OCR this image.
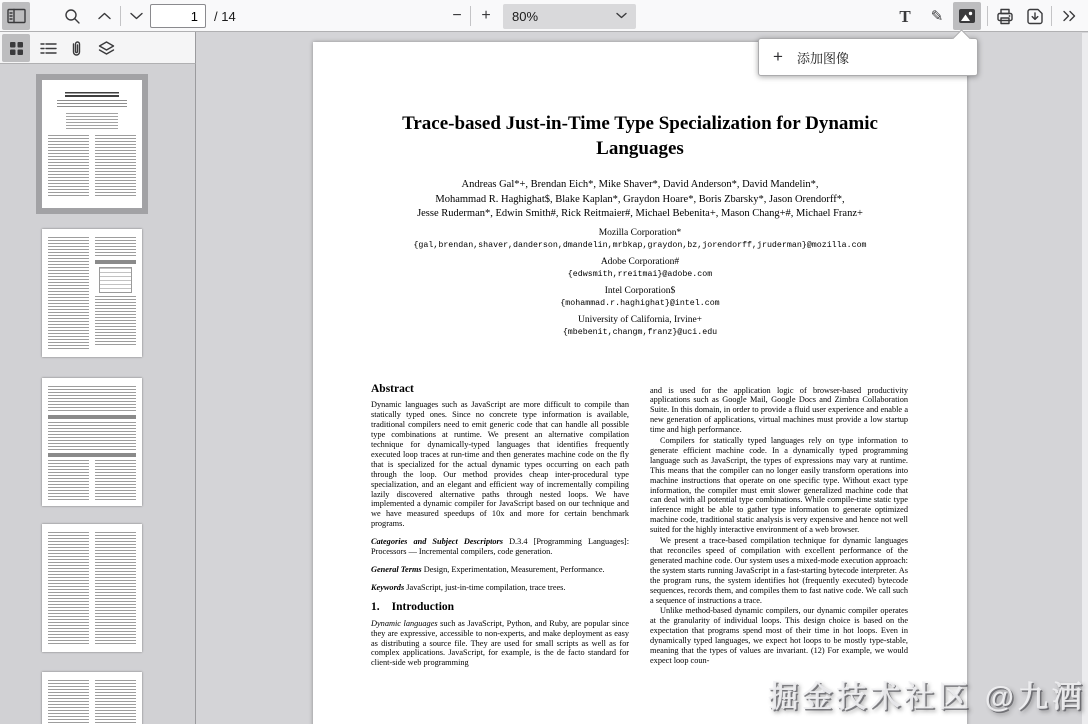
1
/ 14	− + 80%	T ✎
Trace-based Just-in-Time Type Specialization for Dynamic Languages
Andreas Gal*+, Brendan Eich*, Mike Shaver*, David Anderson*, David Mandelin*,
Mohammad R. Haghighat$, Blake Kaplan*, Graydon Hoare*, Boris Zbarsky*, Jason Orendorff*,
Jesse Ruderman*, Edwin Smith#, Rick Reitmaier#, Michael Bebenita+, Mason Chang+#, Michael Franz+
Mozilla Corporation*
{gal,brendan,shaver,danderson,dmandelin,mrbkap,graydon,bz,jorendorff,jruderman}@mozilla.com
Adobe Corporation#
{edwsmith,rreitmai}@adobe.com
Intel Corporation$
{mohammad.r.haghighat}@intel.com
University of California, Irvine+
{mbebenit,changm,franz}@uci.edu
Abstract
Dynamic languages such as JavaScript are more difficult to compile than statically typed ones. Since no concrete type information is available, traditional compilers need to emit generic code that can handle all possible type combinations at runtime. We present an alternative compilation technique for dynamically-typed languages that identifies frequently executed loop traces at run-time and then generates machine code on the fly that is specialized for the actual dynamic types occurring on each path through the loop. Our method provides cheap inter-procedural type specialization, and an elegant and efficient way of incrementally compiling lazily discovered alternative paths through nested loops. We have implemented a dynamic compiler for JavaScript based on our technique and we have measured speedups of 10x and more for certain benchmark programs.
Categories and Subject Descriptors D.3.4 [Programming Languages]: Processors — Incremental compilers, code generation.
General Terms Design, Experimentation, Measurement, Performance.
Keywords JavaScript, just-in-time compilation, trace trees.
1. Introduction
Dynamic languages such as JavaScript, Python, and Ruby, are popular since they are expressive, accessible to non-experts, and make deployment as easy as distributing a source file. They are used for small scripts as well as for complex applications. JavaScript, for example, is the de facto standard for client-side web programming
and is used for the application logic of browser-based productivity applications such as Google Mail, Google Docs and Zimbra Collaboration Suite. In this domain, in order to provide a fluid user experience and enable a new generation of applications, virtual machines must provide a low startup time and high performance.
Compilers for statically typed languages rely on type information to generate efficient machine code. In a dynamically typed programming language such as JavaScript, the types of expressions may vary at runtime. This means that the compiler can no longer easily transform operations into machine instructions that operate on one specific type. Without exact type information, the compiler must emit slower generalized machine code that can deal with all potential type combinations. While compile-time static type inference might be able to gather type information to generate optimized machine code, traditional static analysis is very expensive and hence not well suited for the highly interactive environment of a web browser.
We present a trace-based compilation technique for dynamic languages that reconciles speed of compilation with excellent performance of the generated machine code. Our system uses a mixed-mode execution approach: the system starts running JavaScript in a fast-starting bytecode interpreter. As the program runs, the system identifies hot (frequently executed) bytecode sequences, records them, and compiles them to fast native code. We call such a sequence of instructions a trace.
Unlike method-based dynamic compilers, our dynamic compiler operates at the granularity of individual loops. This design choice is based on the expectation that programs spend most of their time in hot loops. Even in dynamically typed languages, we expect hot loops to be mostly type-stable, meaning that the types of values are invariant. (12) For example, we would expect loop coun-
+ 添加图像
掘金技术社区 @九酒
